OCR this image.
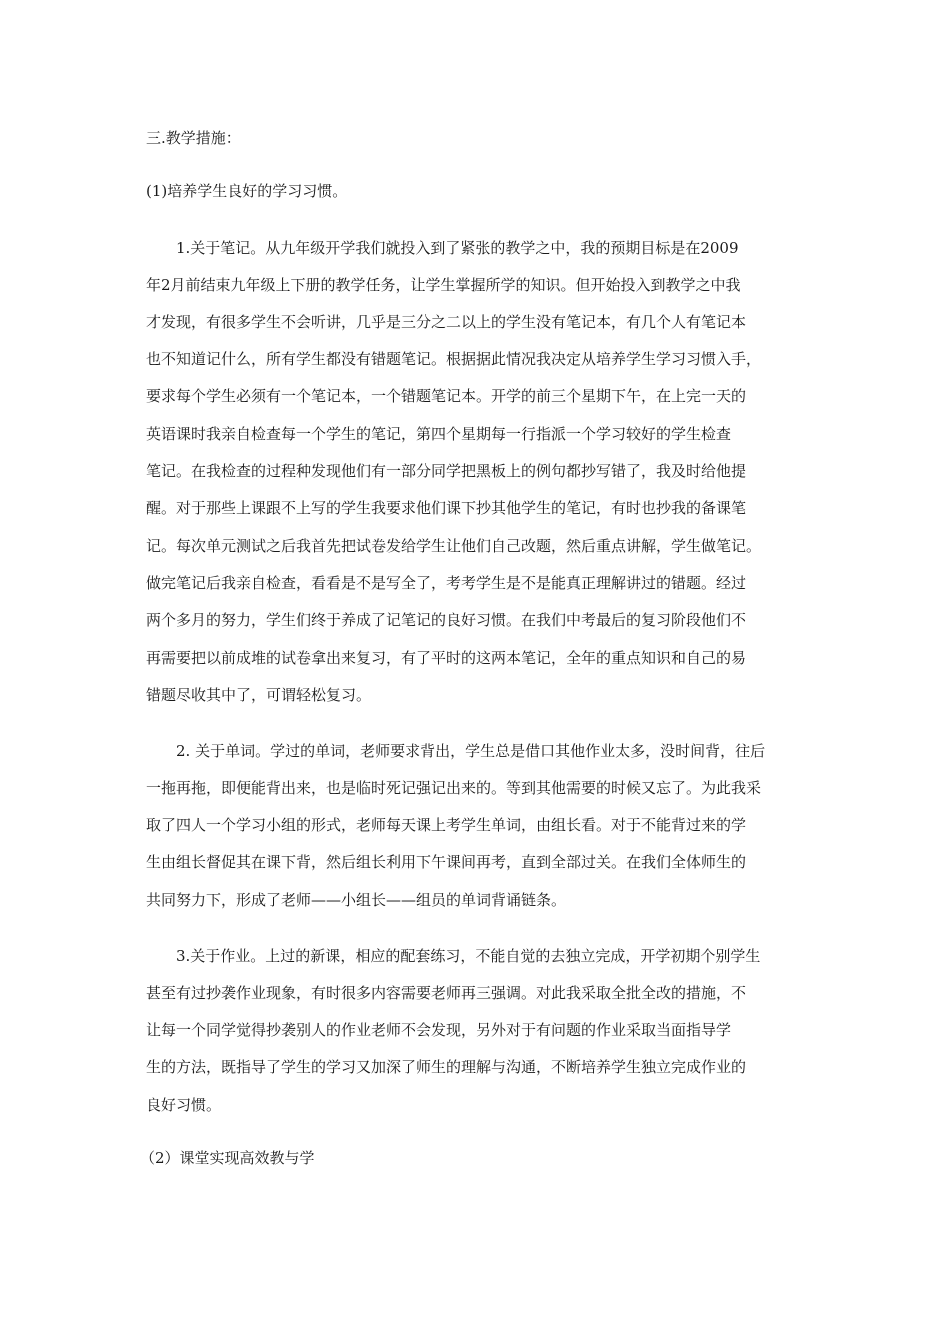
三.教学措施：
(1)培养学生良好的学习习惯。
1.关于笔记。从九年级开学我们就投入到了紧张的教学之中，我的预期目标是在2009
年2月前结束九年级上下册的教学任务，让学生掌握所学的知识。但开始投入到教学之中我
才发现，有很多学生不会听讲，几乎是三分之二以上的学生没有笔记本，有几个人有笔记本
也不知道记什么，所有学生都没有错题笔记。根据据此情况我决定从培养学生学习习惯入手，
要求每个学生必须有一个笔记本，一个错题笔记本。开学的前三个星期下午，在上完一天的
英语课时我亲自检查每一个学生的笔记，第四个星期每一行指派一个学习较好的学生检查
笔记。在我检查的过程种发现他们有一部分同学把黑板上的例句都抄写错了，我及时给他提
醒。对于那些上课跟不上写的学生我要求他们课下抄其他学生的笔记，有时也抄我的备课笔
记。每次单元测试之后我首先把试卷发给学生让他们自己改题，然后重点讲解，学生做笔记。
做完笔记后我亲自检查，看看是不是写全了，考考学生是不是能真正理解讲过的错题。经过
两个多月的努力，学生们终于养成了记笔记的良好习惯。在我们中考最后的复习阶段他们不
再需要把以前成堆的试卷拿出来复习，有了平时的这两本笔记，全年的重点知识和自己的易
错题尽收其中了，可谓轻松复习。
2. 关于单词。学过的单词，老师要求背出，学生总是借口其他作业太多，没时间背，往后
一拖再拖，即便能背出来，也是临时死记强记出来的。等到其他需要的时候又忘了。为此我采
取了四人一个学习小组的形式，老师每天课上考学生单词，由组长看。对于不能背过来的学
生由组长督促其在课下背，然后组长利用下午课间再考，直到全部过关。在我们全体师生的
共同努力下，形成了老师——小组长——组员的单词背诵链条。
3.关于作业。上过的新课，相应的配套练习，不能自觉的去独立完成，开学初期个别学生
甚至有过抄袭作业现象，有时很多内容需要老师再三强调。对此我采取全批全改的措施，不
让每一个同学觉得抄袭别人的作业老师不会发现，另外对于有问题的作业采取当面指导学
生的方法，既指导了学生的学习又加深了师生的理解与沟通，不断培养学生独立完成作业的
良好习惯。
（2）课堂实现高效教与学
